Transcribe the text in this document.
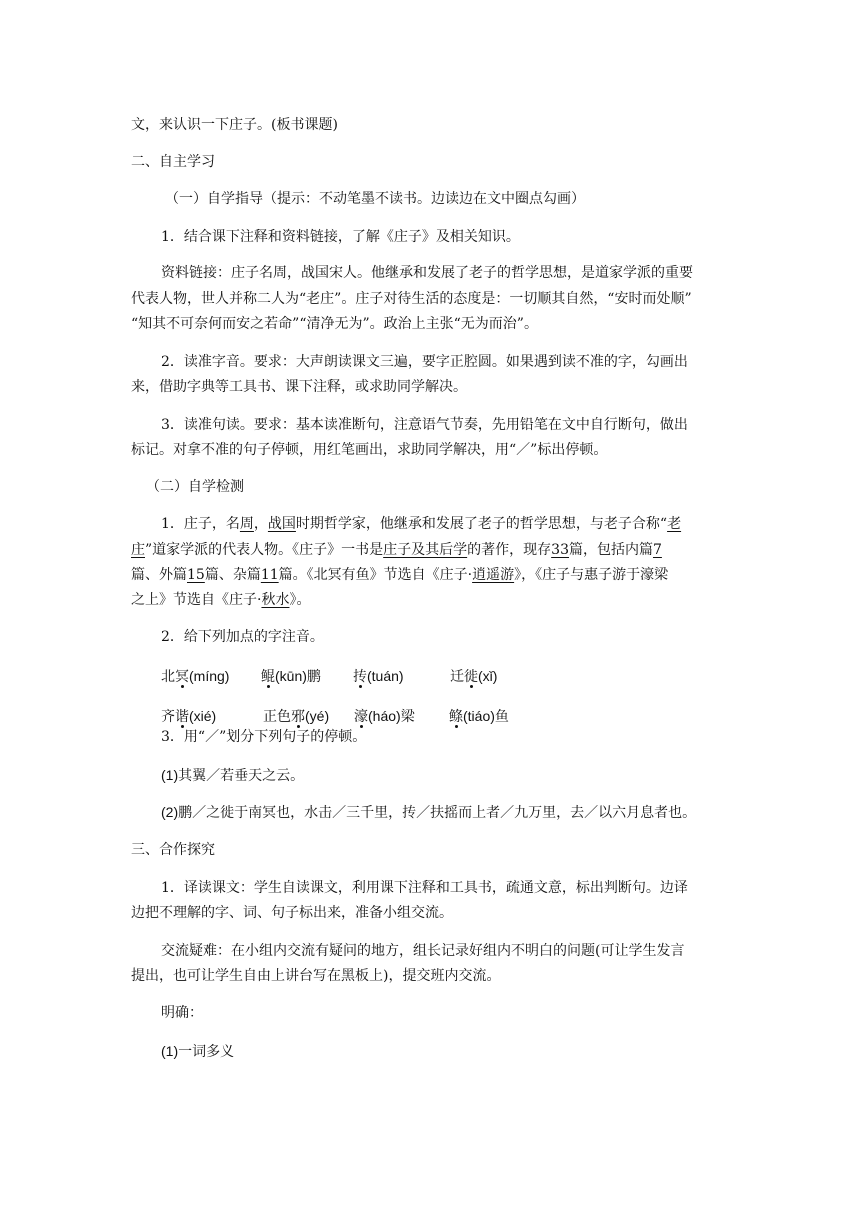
文，来认识一下庄子。(板书课题)
二、自主学习
（一）自学指导（提示：不动笔墨不读书。边读边在文中圈点勾画）
1．结合课下注释和资料链接，了解《庄子》及相关知识。
资料链接：庄子名周，战国宋人。他继承和发展了老子的哲学思想，是道家学派的重要
代表人物，世人并称二人为“老庄”。庄子对待生活的态度是：一切顺其自然，“安时而处顺”
“知其不可奈何而安之若命”“清净无为”。政治上主张“无为而治”。
2．读准字音。要求：大声朗读课文三遍，要字正腔圆。如果遇到读不准的字，勾画出
来，借助字典等工具书、课下注释，或求助同学解决。
3．读准句读。要求：基本读准断句，注意语气节奏，先用铅笔在文中自行断句，做出
标记。对拿不准的句子停顿，用红笔画出，求助同学解决，用“／”标出停顿。
（二）自学检测
1．庄子，名周，战国时期哲学家，他继承和发展了老子的哲学思想，与老子合称“老
庄”道家学派的代表人物。《庄子》一书是庄子及其后学的著作，现存33篇，包括内篇7
篇、外篇15篇、杂篇11篇。《北冥有鱼》节选自《庄子·逍遥游》，《庄子与惠子游于濠梁
之上》节选自《庄子·秋水》。
2．给下列加点的字注音。
北冥(míng) 鲲(kūn)鹏 抟(tuán)	迁徙(xǐ)
齐谐(xié)	正色邪(yé) 濠(háo)梁 鲦(tiáo)鱼
3．用“／”划分下列句子的停顿。
(1)其翼／若垂天之云。
(2)鹏／之徙于南冥也，水击／三千里，抟／扶摇而上者／九万里，去／以六月息者也。
三、合作探究
1．译读课文：学生自读课文，利用课下注释和工具书，疏通文意，标出判断句。边译
边把不理解的字、词、句子标出来，准备小组交流。
交流疑难：在小组内交流有疑问的地方，组长记录好组内不明白的问题(可让学生发言
提出，也可让学生自由上讲台写在黑板上)，提交班内交流。
明确：
(1)一词多义
